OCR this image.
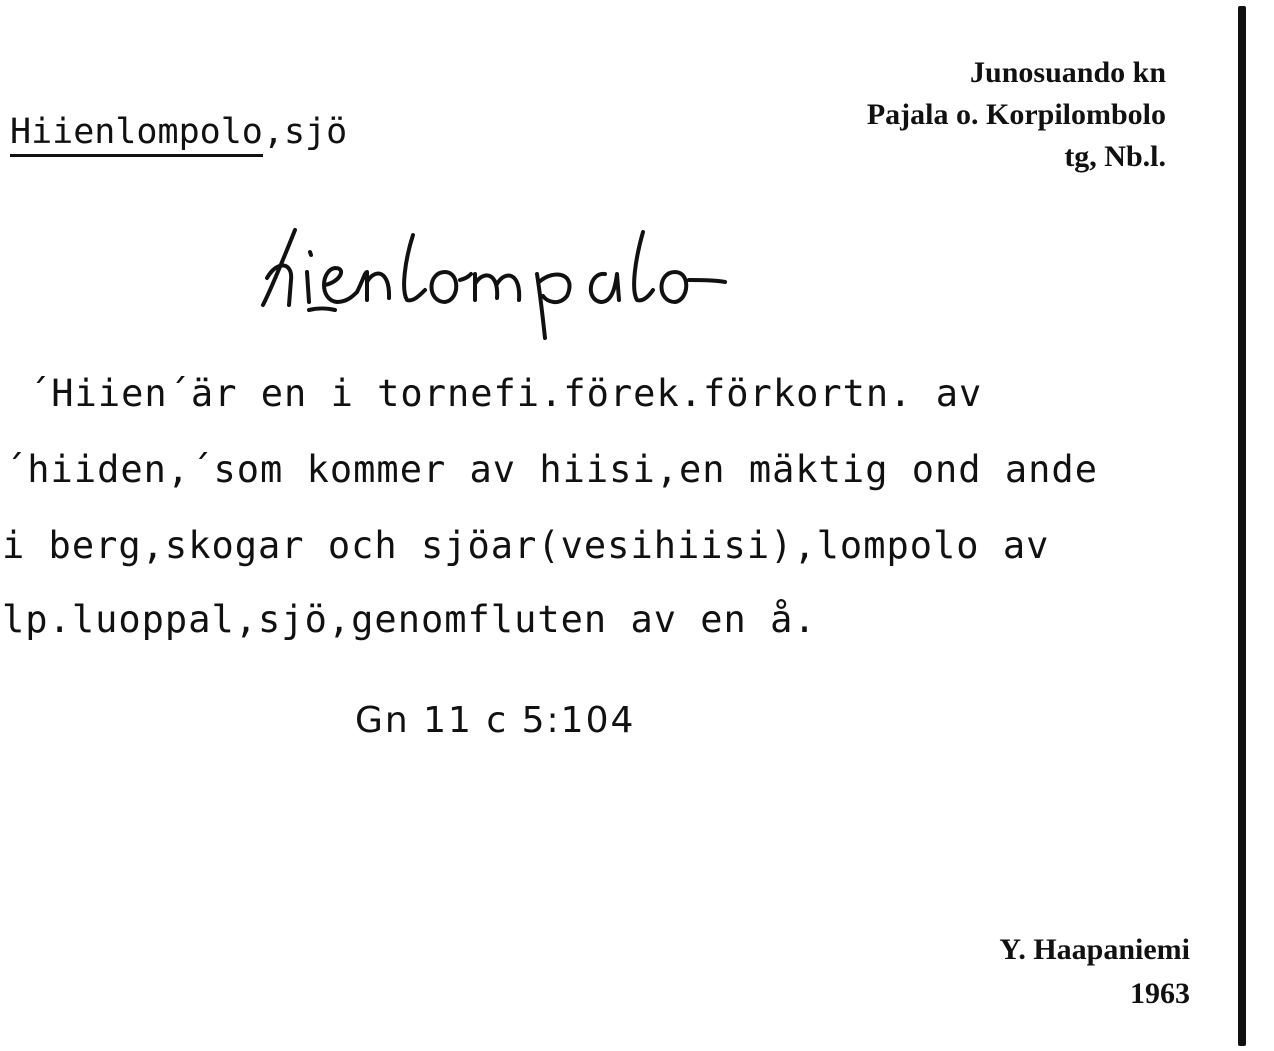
Hiienlompolo,sjö
Junosuando kn
Pajala o. Korpilombolo
tg, Nb.l.
´Hiien´är en i tornefi.förek.förkortn. av
´hiiden,´som kommer av hiisi,en mäktig ond ande
i berg,skogar och sjöar(vesihiisi),lompolo av
lp.luoppal,sjö,genomfluten av en å.
Gn 11 c 5:104
Y. Haapaniemi
1963
